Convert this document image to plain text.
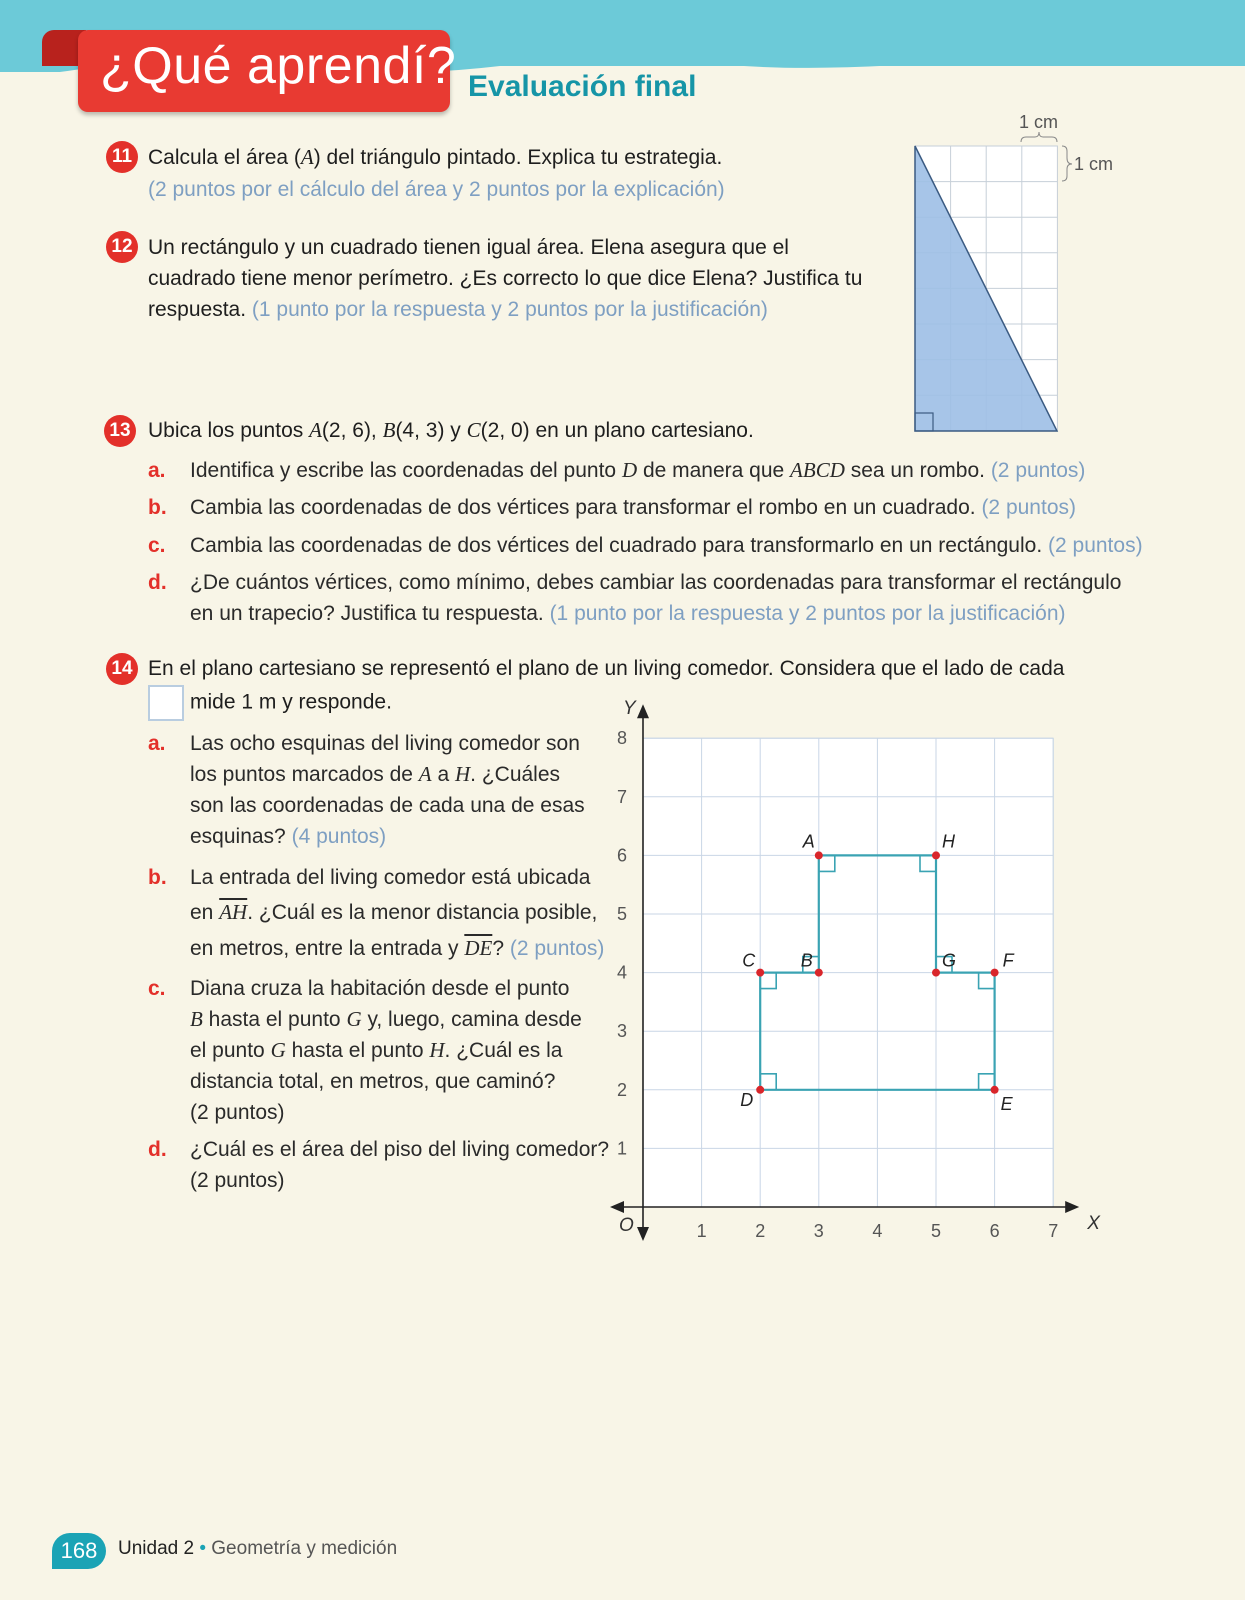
¿Qué aprendí? Evaluación final
11 Calcula el área (A) del triángulo pintado. Explica tu estrategia.
(2 puntos por el cálculo del área y 2 puntos por la explicación)
1 cm
1 cm
12 Un rectángulo y un cuadrado tienen igual área. Elena asegura que el
cuadrado tiene menor perímetro. ¿Es correcto lo que dice Elena? Justifica tu
respuesta. (1 punto por la respuesta y 2 puntos por la justificación)
13 Ubica los puntos A(2, 6), B(4, 3) y C(2, 0) en un plano cartesiano.
a. Identifica y escribe las coordenadas del punto D de manera que ABCD sea un rombo. (2 puntos)
b. Cambia las coordenadas de dos vértices para transformar el rombo en un cuadrado. (2 puntos)
c. Cambia las coordenadas de dos vértices del cuadrado para transformarlo en un rectángulo. (2 puntos)
d. ¿De cuántos vértices, como mínimo, debes cambiar las coordenadas para transformar el rectángulo
en un trapecio? Justifica tu respuesta. (1 punto por la respuesta y 2 puntos por la justificación)
14 En el plano cartesiano se representó el plano de un living comedor. Considera que el lado de cada
mide 1 m y responde.
a. Las ocho esquinas del living comedor son
los puntos marcados de A a H. ¿Cuáles
son las coordenadas de cada una de esas
esquinas? (4 puntos)
b. La entrada del living comedor está ubicada
en $\overline{AH}$. ¿Cuál es la menor distancia posible,
en metros, entre la entrada y $\overline{DE}$? (2 puntos)
c. Diana cruza la habitación desde el punto
B hasta el punto G y, luego, camina desde
el punto G hasta el punto H. ¿Cuál es la
distancia total, en metros, que caminó?
(2 puntos)
d. ¿Cuál es el área del piso del living comedor?
(2 puntos)
X
Y
O	1	2	3	4	5	6	7
1
2
3
4
5
6
7
8
A	H
G	F
E
D
C	B
168	Unidad 2 • Geometría y medición
